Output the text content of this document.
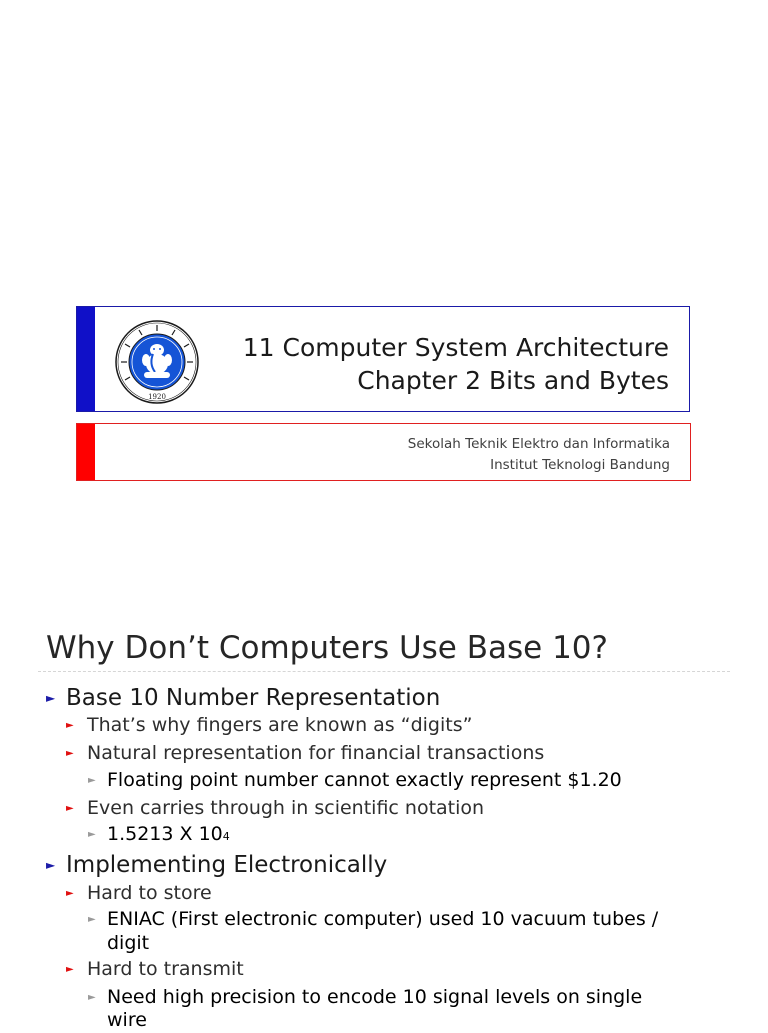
1920
11 Computer System Architecture
Chapter 2 Bits and Bytes
Sekolah Teknik Elektro dan Informatika
Institut Teknologi Bandung
Why Don’t Computers Use Base 10?
► Base 10 Number Representation
► That’s why fingers are known as “digits”
► Natural representation for financial transactions
► Floating point number cannot exactly represent $1.20
► Even carries through in scientific notation
► 1.5213 X 104
► Implementing Electronically
► Hard to store
► ENIAC (First electronic computer) used 10 vacuum tubes /
digit
► Hard to transmit
► Need high precision to encode 10 signal levels on single
wire
